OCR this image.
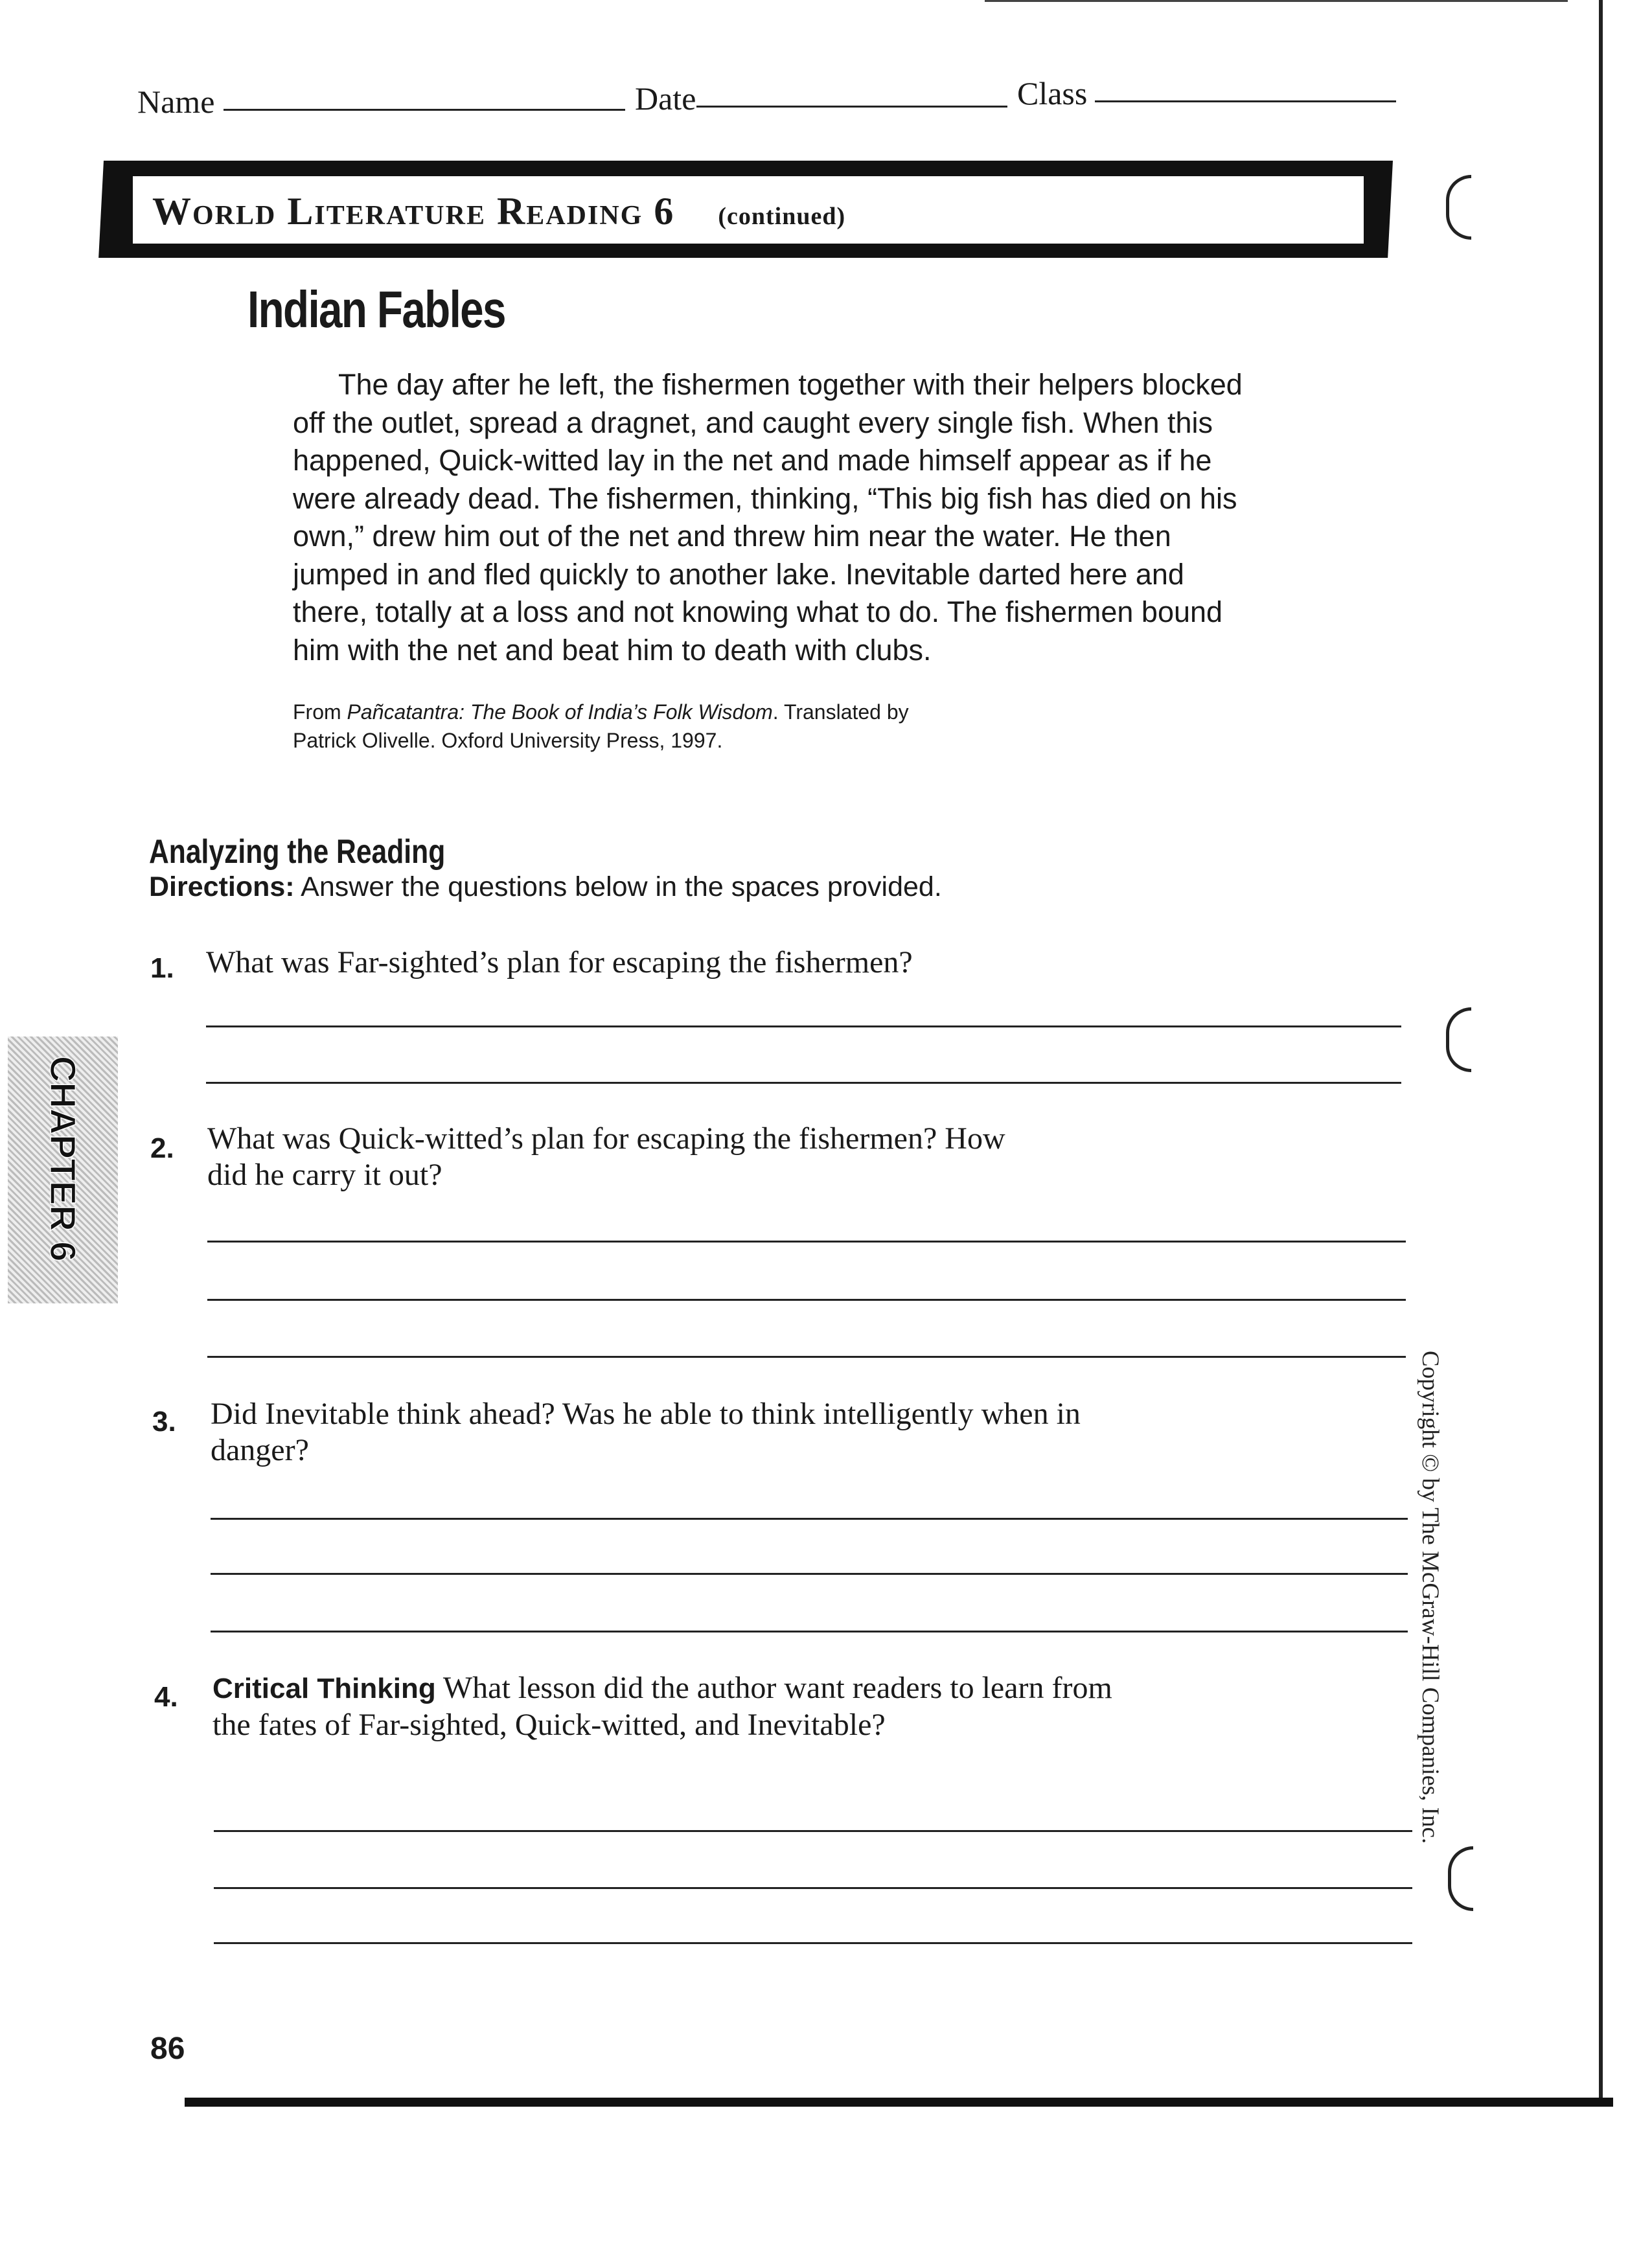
Name	Date	Class
World Literature Reading 6 (continued)
Indian Fables

The day after he left, the fishermen together with their helpers blocked off the outlet, spread a dragnet, and caught every single fish. When this happened, Quick-witted lay in the net and made himself appear as if he were already dead. The fishermen, thinking, “This big fish has died on his own,” drew him out of the net and threw him near the water. He then jumped in and fled quickly to another lake. Inevitable darted here and there, totally at a loss and not knowing what to do. The fishermen bound him with the net and beat him to death with clubs.

From Pañcatantra: The Book of India’s Folk Wisdom. Translated by
Patrick Olivelle. Oxford University Press, 1997.
Analyzing the Reading
Directions: Answer the questions below in the spaces provided.
1. What was Far-sighted’s plan for escaping the fishermen?
2. What was Quick-witted’s plan for escaping the fishermen? How did he carry it out?
3. Did Inevitable think ahead? Was he able to think intelligently when in danger?
4. Critical Thinking What lesson did the author want readers to learn from the fates of Far-sighted, Quick-witted, and Inevitable?
CHAPTER 6
Copyright © by The McGraw-Hill Companies, Inc.
86
